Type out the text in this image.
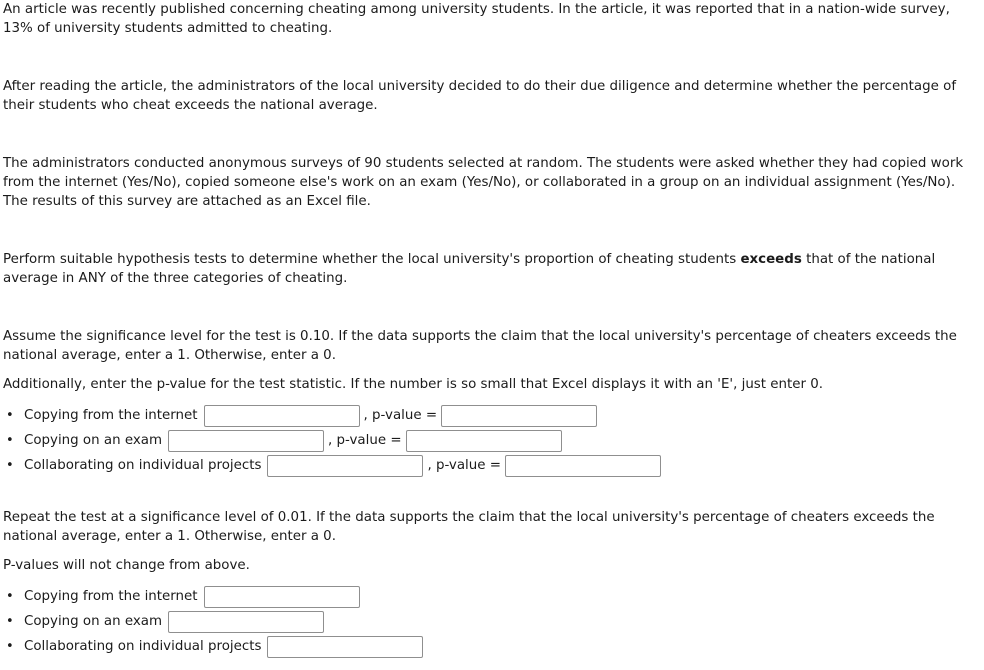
An article was recently published concerning cheating among university students. In the article, it was reported that in a nation-wide survey, 13% of university students admitted to cheating.

After reading the article, the administrators of the local university decided to do their due diligence and determine whether the percentage of their students who cheat exceeds the national average.

The administrators conducted anonymous surveys of 90 students selected at random. The students were asked whether they had copied work from the internet (Yes/No), copied someone else's work on an exam (Yes/No), or collaborated in a group on an individual assignment (Yes/No). The results of this survey are attached as an Excel file.

Perform suitable hypothesis tests to determine whether the local university's proportion of cheating students exceeds that of the national average in ANY of the three categories of cheating.

Assume the significance level for the test is 0.10. If the data supports the claim that the local university's percentage of cheaters exceeds the national average, enter a 1. Otherwise, enter a 0.

Additionally, enter the p-value for the test statistic. If the number is so small that Excel displays it with an 'E', just enter 0.

• Copying from the internet	, p-value =
• Copying on an exam	, p-value =
• Collaborating on individual projects	, p-value =

Repeat the test at a significance level of 0.01. If the data supports the claim that the local university's percentage of cheaters exceeds the national average, enter a 1. Otherwise, enter a 0.

P-values will not change from above.

• Copying from the internet
• Copying on an exam
• Collaborating on individual projects
